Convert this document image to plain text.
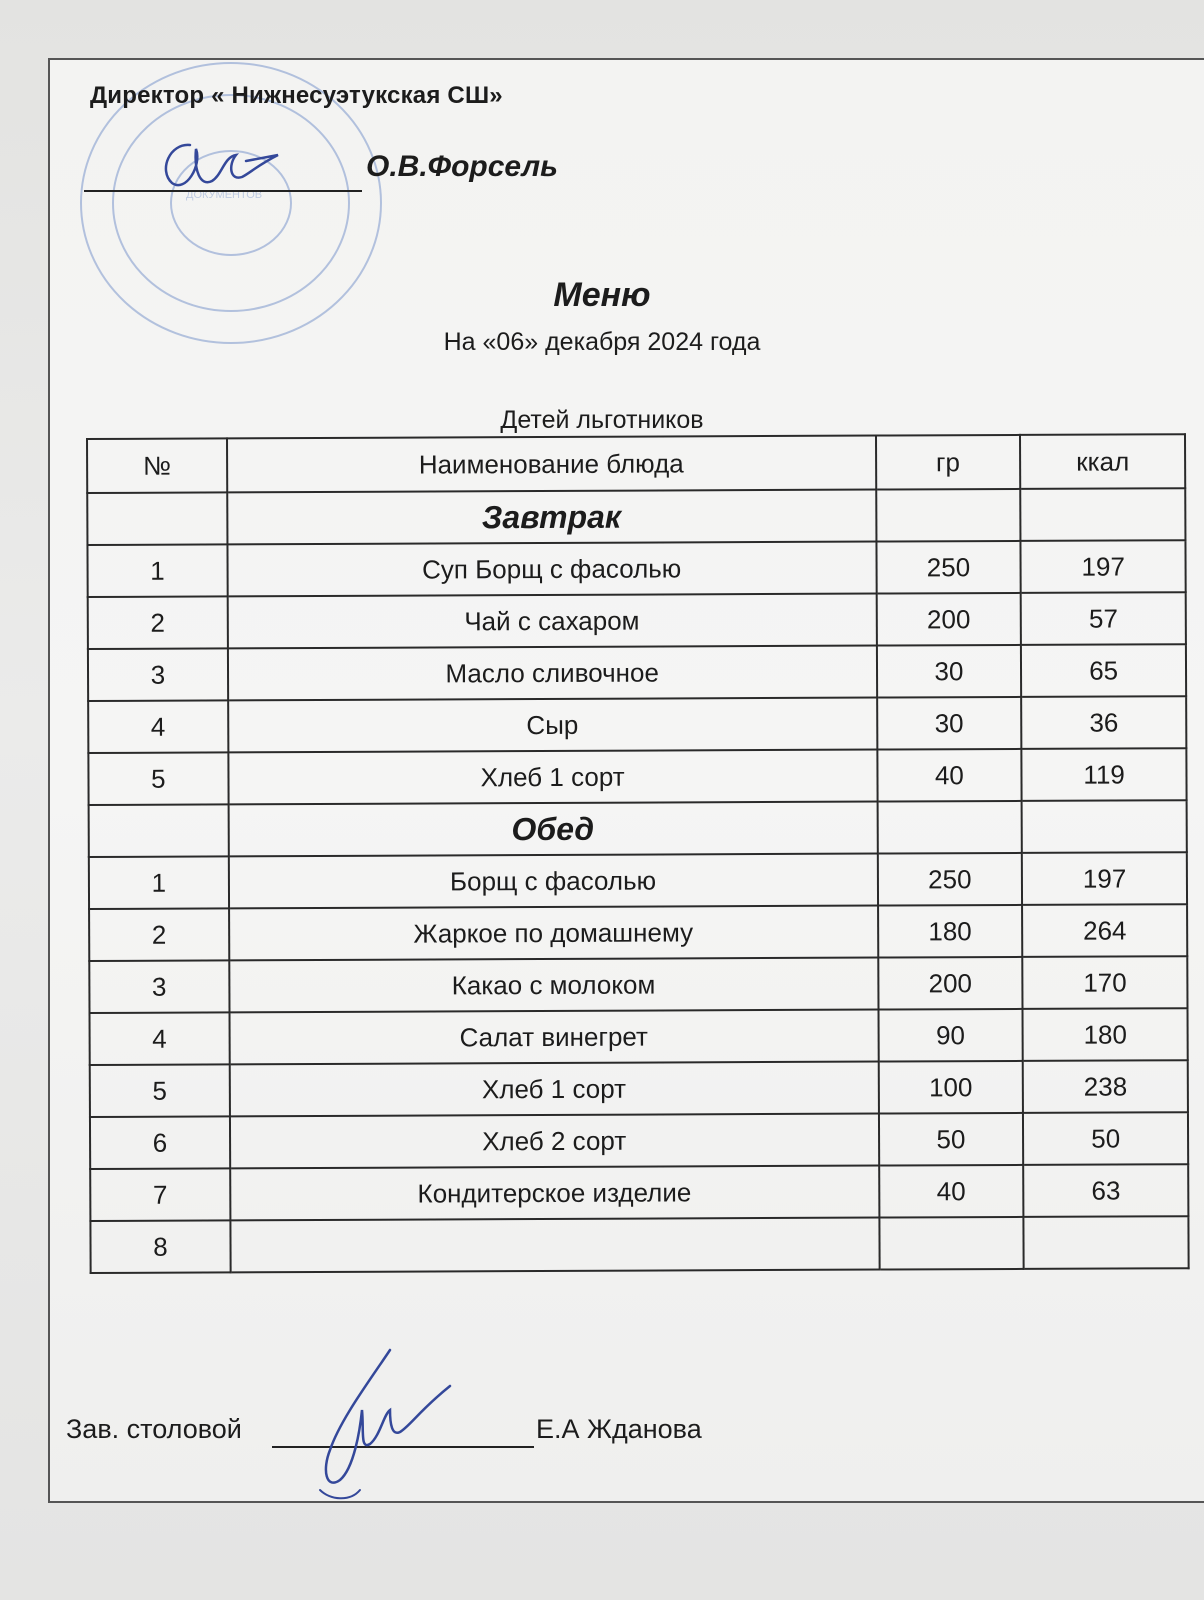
ДОКУМЕНТОВ
Директор « Нижнесуэтукская СШ»
О.В.Форсель
Меню
На «06» декабря 2024 года
Детей льготников
№	Наименование блюда	гр	ккал
	Завтрак		
1	Суп Борщ с фасолью	250	197
2	Чай с сахаром	200	57
3	Масло сливочное	30	65
4	Сыр	30	36
5	Хлеб 1 сорт	40	119
	Обед		
1	Борщ с фасолью	250	197
2	Жаркое по домашнему	180	264
3	Какао с молоком	200	170
4	Салат винегрет	90	180
5	Хлеб 1 сорт	100	238
6	Хлеб 2 сорт	50	50
7	Кондитерское изделие	40	63
8			
Зав. столовой	Е.А Жданова
